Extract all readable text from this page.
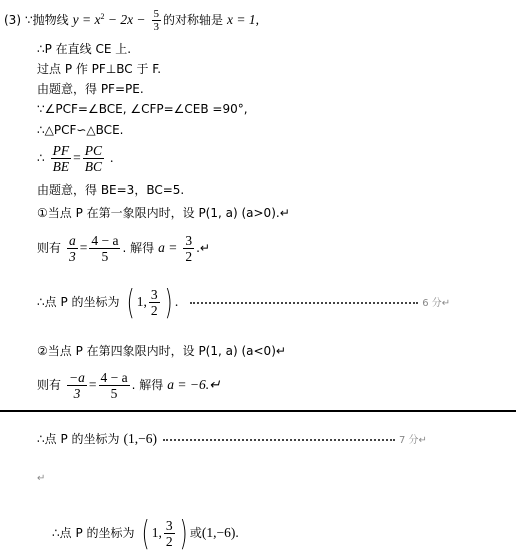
(3) ∵抛物线 $y = x^2 - 2x - \frac{5}{3}$ 的对称轴是 x = 1,
∴P 在直线 CE 上.
过点 P 作 PF⊥BC 于 F.
由题意，得 PF=PE.
∵∠PCF=∠BCE, ∠CFP=∠CEB =90°,
∴△PCF∽△BCE.
∴ $\frac{PF}{BE} = \frac{PC}{BC}$ .
由题意，得 BE=3，BC=5.
①当点 P 在第一象限内时，设 P(1, a) (a>0).↵
则有 $\frac{a}{3} = \frac{4 - a}{5}$ . 解得 $a = \frac{3}{2}$ .↵
∴点 P 的坐标为 ( 1, $\frac{3}{2}$ ) .	6 分↵
②当点 P 在第四象限内时，设 P(1, a) (a<0)↵
则有 $\frac{-a}{3} = \frac{4 - a}{5}$ . 解得 a = −6.↵
∴点 P 的坐标为 (1,−6)	7 分↵
↵
∴点 P 的坐标为 ( 1, $\frac{3}{2}$ ) 或(1,−6).
